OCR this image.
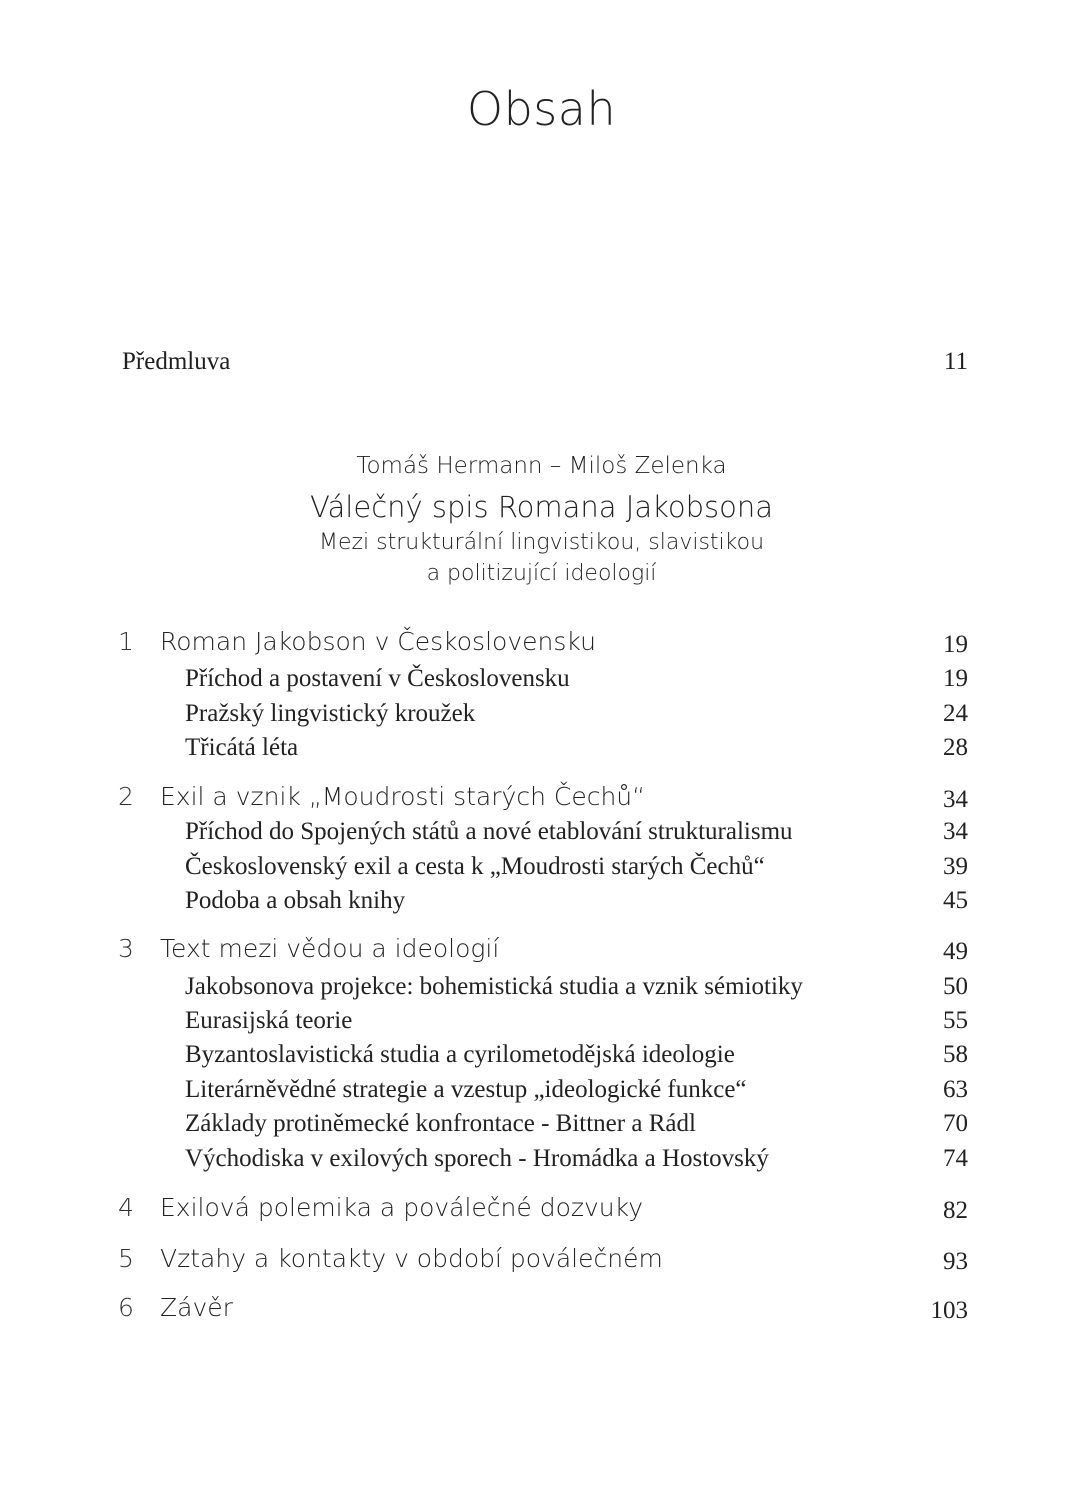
Obsah
Předmluva	11
Tomáš Hermann – Miloš Zelenka
Válečný spis Romana Jakobsona
Mezi strukturální lingvistikou, slavistikou
a politizující ideologií
1	Roman Jakobson v Československu	19
Příchod a postavení v Československu	19
Pražský lingvistický kroužek	24
Třicátá léta	28
2	Exil a vznik „Moudrosti starých Čechů“	34
Příchod do Spojených států a nové etablování strukturalismu	34
Československý exil a cesta k „Moudrosti starých Čechů“	39
Podoba a obsah knihy	45
3	Text mezi vědou a ideologií	49
Jakobsonova projekce: bohemistická studia a vznik sémiotiky	50
Eurasijská teorie	55
Byzantoslavistická studia a cyrilometodějská ideologie	58
Literárněvědné strategie a vzestup „ideologické funkce“	63
Základy protiněmecké konfrontace - Bittner a Rádl	70
Východiska v exilových sporech - Hromádka a Hostovský	74
4	Exilová polemika a poválečné dozvuky	82
5	Vztahy a kontakty v období poválečném	93
6	Závěr	103
